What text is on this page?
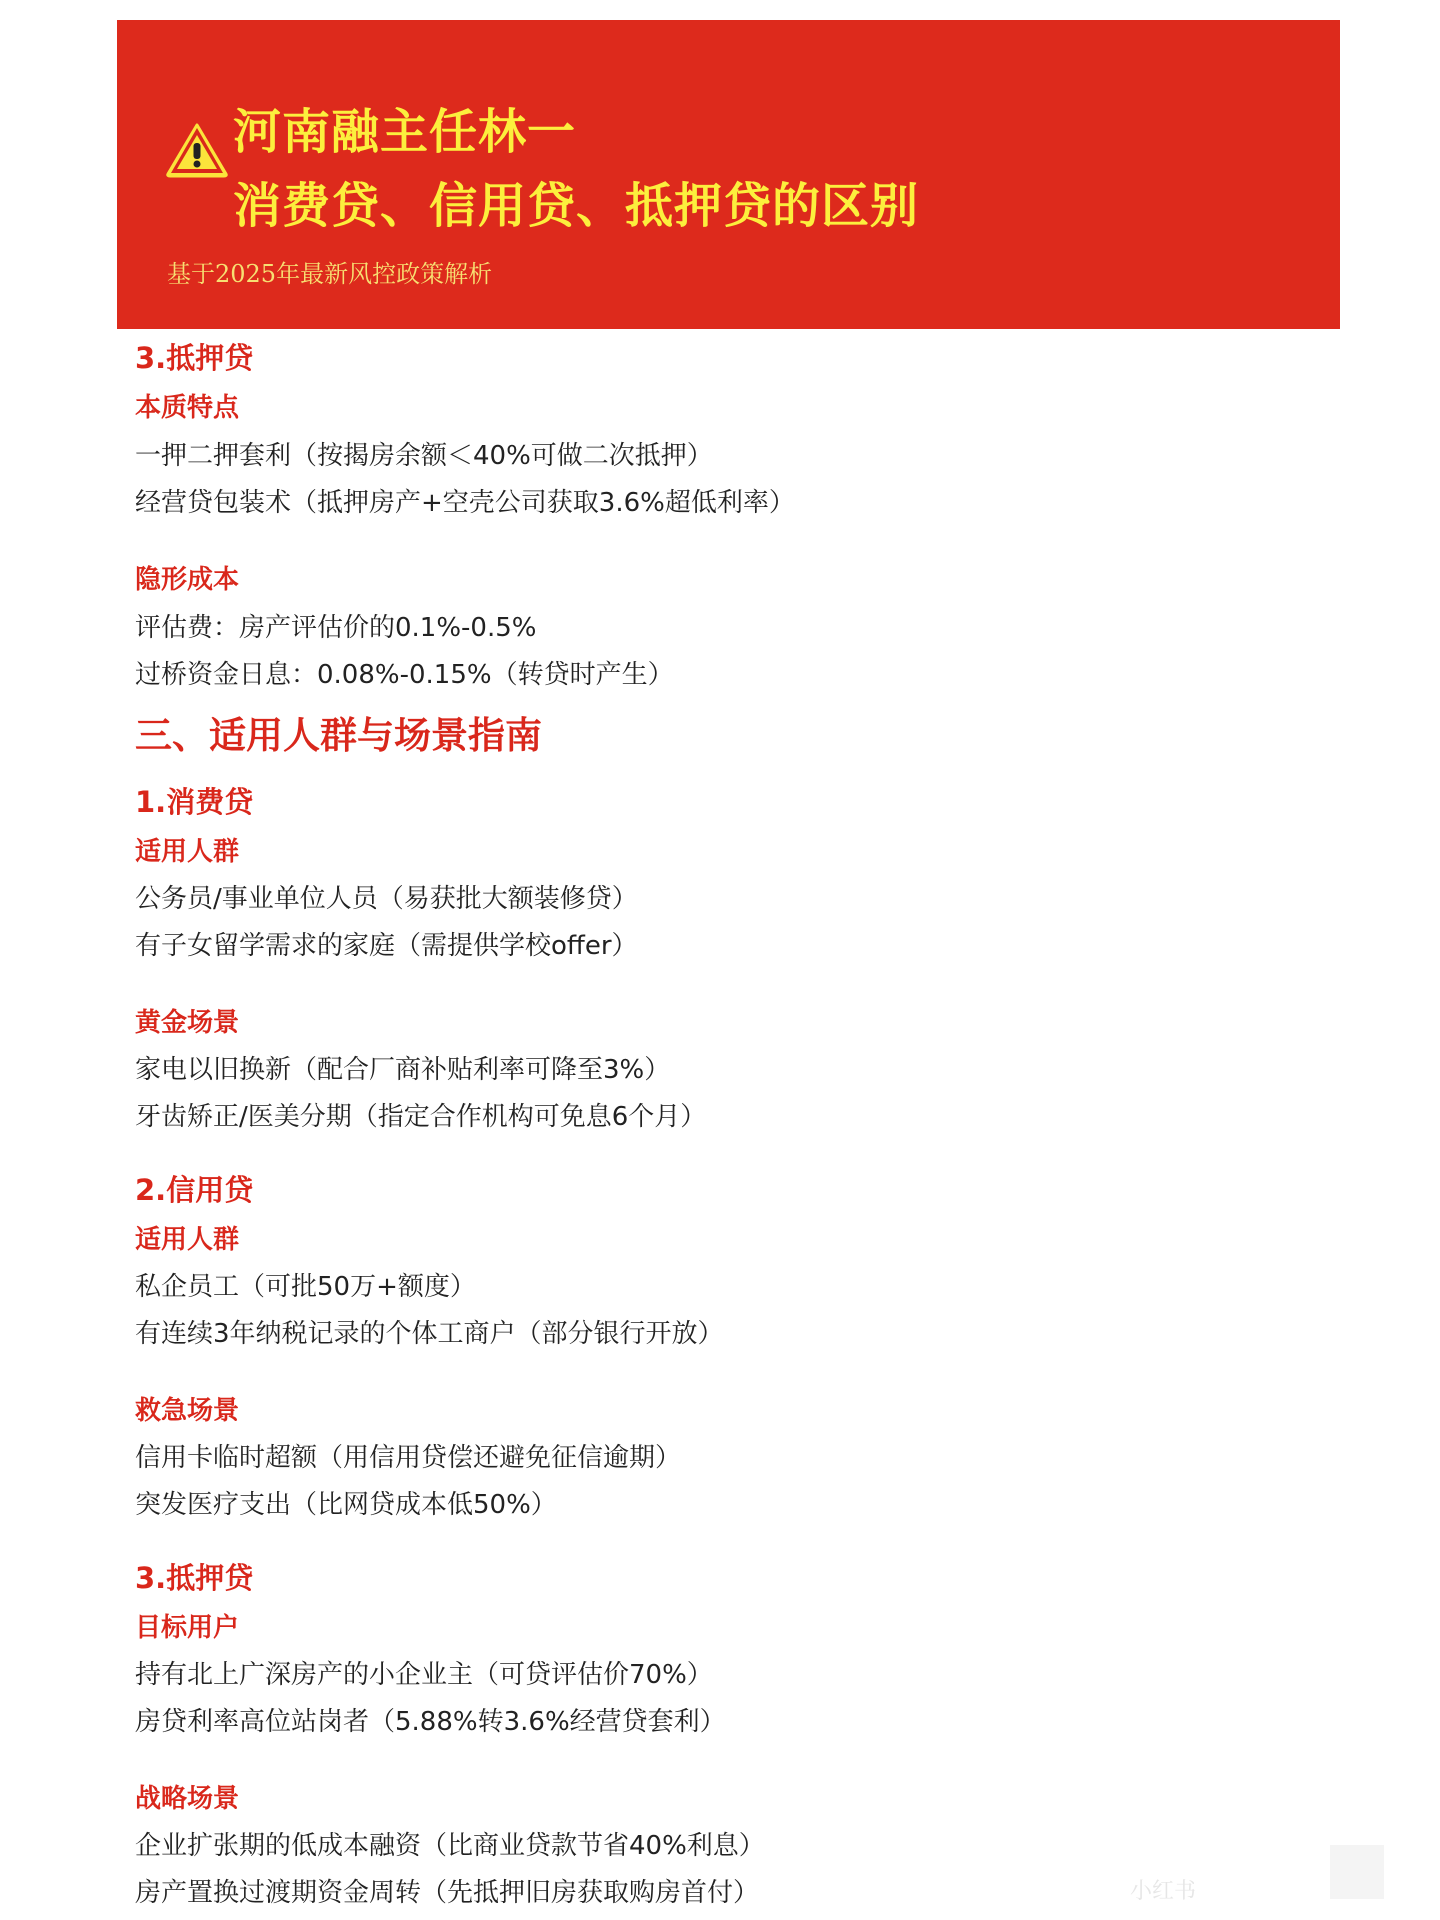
河南融主任林一
消费贷、信用贷、抵押贷的区别

基于2025年最新风控政策解析

3.抵押贷
本质特点

一押二押套利（按揭房余额＜40%可做二次抵押）

经营贷包装术（抵押房产+空壳公司获取3.6%超低利率）

隐形成本

评估费：房产评估价的0.1%-0.5%

过桥资金日息：0.08%-0.15%（转贷时产生）

三、适用人群与场景指南
1.消费贷
适用人群

公务员/事业单位人员（易获批大额装修贷）

有子女留学需求的家庭（需提供学校offer）

黄金场景

家电以旧换新（配合厂商补贴利率可降至3%）

牙齿矫正/医美分期（指定合作机构可免息6个月）

2.信用贷
适用人群

私企员工（可批50万+额度）

有连续3年纳税记录的个体工商户（部分银行开放）

救急场景

信用卡临时超额（用信用贷偿还避免征信逾期）

突发医疗支出（比网贷成本低50%）

3.抵押贷
目标用户

持有北上广深房产的小企业主（可贷评估价70%）

房贷利率高位站岗者（5.88%转3.6%经营贷套利）

战略场景

企业扩张期的低成本融资（比商业贷款节省40%利息）

房产置换过渡期资金周转（先抵押旧房获取购房首付）	小红书
